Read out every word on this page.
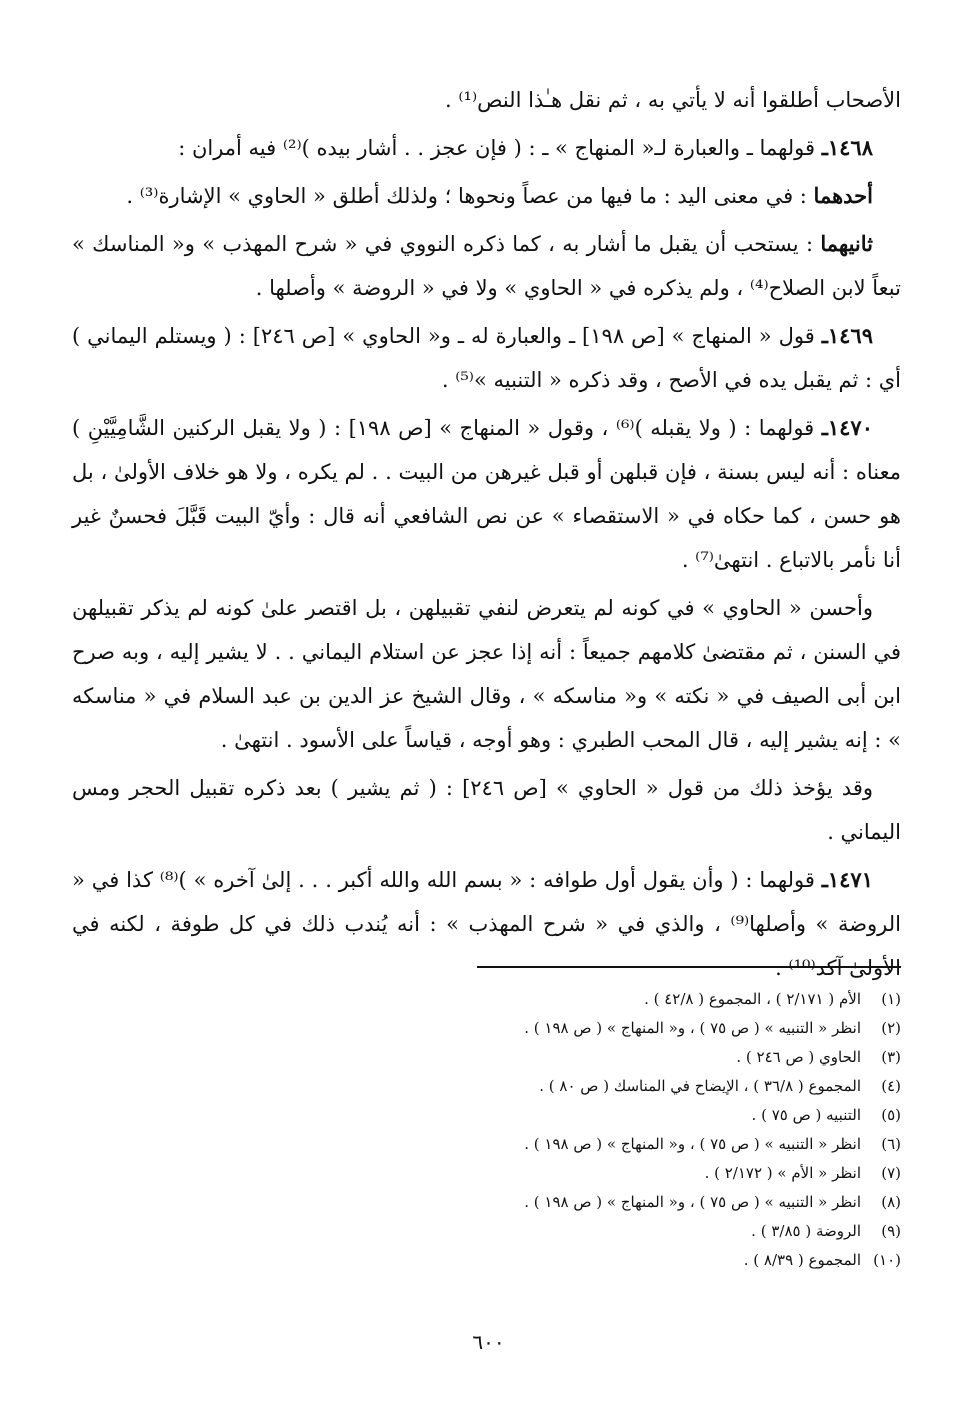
الأصحاب أطلقوا أنه لا يأتي به ، ثم نقل هـٰذا النص⁽¹⁾ .

١٤٦٨ـ قولهما ـ والعبارة لـ« المنهاج » ـ : ( فإن عجز . . أشار بيده )⁽²⁾ فيه أمران :

أحدهما : في معنى اليد : ما فيها من عصاً ونحوها ؛ ولذلك أطلق « الحاوي » الإشارة⁽³⁾ .

ثانيهما : يستحب أن يقبل ما أشار به ، كما ذكره النووي في « شرح المهذب » و« المناسك » تبعاً لابن الصلاح⁽⁴⁾ ، ولم يذكره في « الحاوي » ولا في « الروضة » وأصلها .

١٤٦٩ـ قول « المنهاج » [ص ١٩٨] ـ والعبارة له ـ و« الحاوي » [ص ٢٤٦] : ( ويستلم اليماني ) أي : ثم يقبل يده في الأصح ، وقد ذكره « التنبيه »⁽⁵⁾ .

١٤٧٠ـ قولهما : ( ولا يقبله )⁽⁶⁾ ، وقول « المنهاج » [ص ١٩٨] : ( ولا يقبل الركنين الشَّامِيَّيْنِ ) معناه : أنه ليس بسنة ، فإن قبلهن أو قبل غيرهن من البيت . . لم يكره ، ولا هو خلاف الأولىٰ ، بل هو حسن ، كما حكاه في « الاستقصاء » عن نص الشافعي أنه قال : وأيّ البيت قَبَّلَ فحسنٌ غير أنا نأمر بالاتباع . انتهىٰ⁽⁷⁾ .

وأحسن « الحاوي » في كونه لم يتعرض لنفي تقبيلهن ، بل اقتصر علىٰ كونه لم يذكر تقبيلهن في السنن ، ثم مقتضىٰ كلامهم جميعاً : أنه إذا عجز عن استلام اليماني . . لا يشير إليه ، وبه صرح ابن أبى الصيف في « نكته » و« مناسكه » ، وقال الشيخ عز الدين بن عبد السلام في « مناسكه » : إنه يشير إليه ، قال المحب الطبري : وهو أوجه ، قياساً على الأسود . انتهىٰ .

وقد يؤخذ ذلك من قول « الحاوي » [ص ٢٤٦] : ( ثم يشير ) بعد ذكره تقبيل الحجر ومس اليماني .

١٤٧١ـ قولهما : ( وأن يقول أول طوافه : « بسم الله والله أكبر . . . إلىٰ آخره » )⁽⁸⁾ كذا في « الروضة » وأصلها⁽⁹⁾ ، والذي في « شرح المهذب » : أنه يُندب ذلك في كل طوفة ، لكنه في الأولىٰ آكد⁽¹⁰⁾ .

(١)
الأم ( ٢/١٧١ ) ، المجموع ( ٤٢/٨ ) .
(٢)
انظر « التنبيه » ( ص ٧٥ ) ، و« المنهاج » ( ص ١٩٨ ) .
(٣)
الحاوي ( ص ٢٤٦ ) .
(٤)
المجموع ( ٣٦/٨ ) ، الإيضاح في المناسك ( ص ٨٠ ) .
(٥)
التنبيه ( ص ٧٥ ) .
(٦)
انظر « التنبيه » ( ص ٧٥ ) ، و« المنهاج » ( ص ١٩٨ ) .
(٧)
انظر « الأم » ( ٢/١٧٢ ) .
(٨)
انظر « التنبيه » ( ص ٧٥ ) ، و« المنهاج » ( ص ١٩٨ ) .
(٩)
الروضة ( ٣/٨٥ ) .
(١٠)
المجموع ( ٨/٣٩ ) .
٦٠٠
